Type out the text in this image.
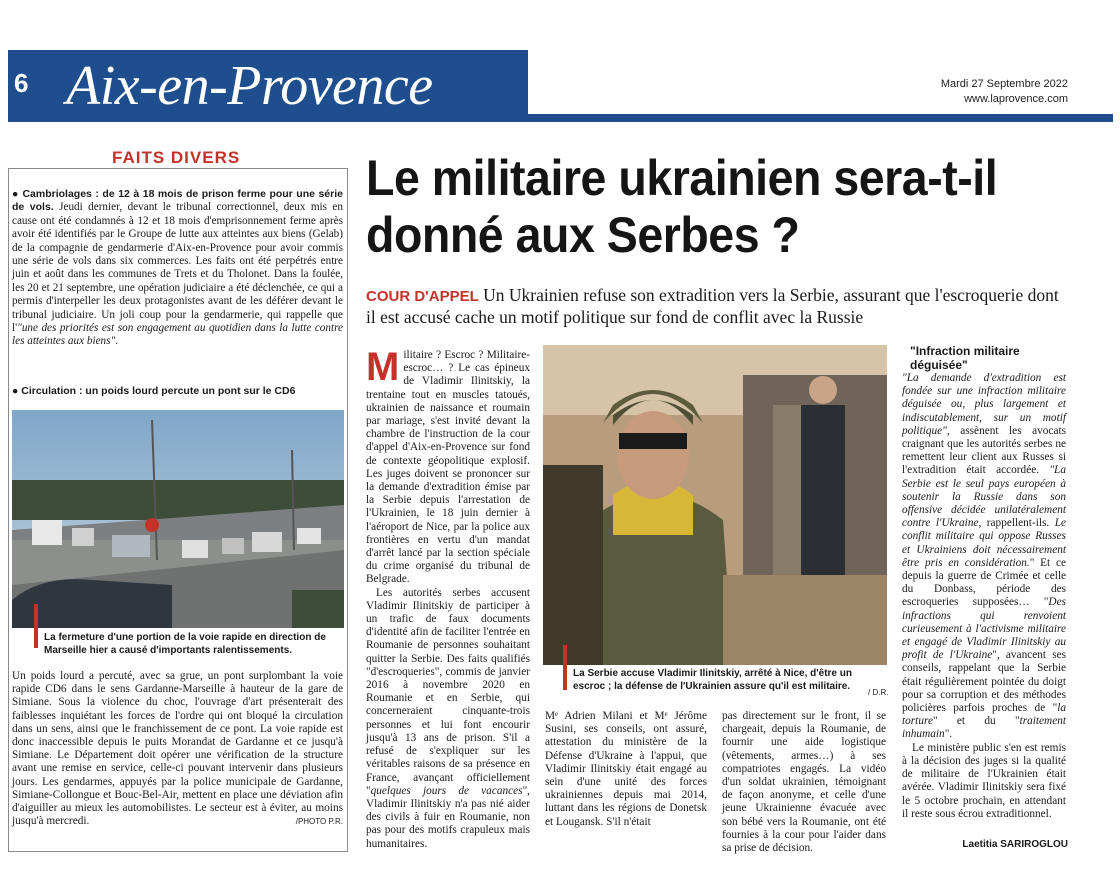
6 Aix-en-Provence	Mardi 27 Septembre 2022
www.laprovence.com
FAITS DIVERS
● Cambriolages : de 12 à 18 mois de prison ferme pour une série de vols. Jeudi dernier, devant le tribunal correctionnel, deux mis en cause ont été condamnés à 12 et 18 mois d'emprisonnement ferme après avoir été identifiés par le Groupe de lutte aux atteintes aux biens (Gelab) de la compagnie de gendarmerie d'Aix-en-Provence pour avoir commis une série de vols dans six commerces. Les faits ont été perpétrés entre juin et août dans les communes de Trets et du Tholonet. Dans la foulée, les 20 et 21 septembre, une opération judiciaire a été déclenchée, ce qui a permis d'interpeller les deux protagonistes avant de les déférer devant le tribunal judiciaire. Un joli coup pour la gendarmerie, qui rappelle que l'"une des priorités est son engagement au quotidien dans la lutte contre les atteintes aux biens".
● Circulation : un poids lourd percute un pont sur le CD6
La fermeture d'une portion de la voie rapide en direction de Marseille hier a causé d'importants ralentissements.
Un poids lourd a percuté, avec sa grue, un pont surplombant la voie rapide CD6 dans le sens Gardanne-Marseille à hauteur de la gare de Simiane. Sous la violence du choc, l'ouvrage d'art présenterait des faiblesses inquiétant les forces de l'ordre qui ont bloqué la circulation dans un sens, ainsi que le franchissement de ce pont. La voie rapide est donc inaccessible depuis le puits Morandat de Gardanne et ce jusqu'à Simiane. Le Département doit opérer une vérification de la structure avant une remise en service, celle-ci pouvant intervenir dans plusieurs jours. Les gendarmes, appuyés par la police municipale de Gardanne, Simiane-Collongue et Bouc-Bel-Air, mettent en place une déviation afin d'aiguiller au mieux les automobilistes. Le secteur est à éviter, au moins jusqu'à mercredi.	/PHOTO P.R.
Le militaire ukrainien sera-t-il donné aux Serbes ?
COUR D'APPEL Un Ukrainien refuse son extradition vers la Serbie, assurant que l'escroquerie dont il est accusé cache un motif politique sur fond de conflit avec la Russie
Militaire ? Escroc ? Militaire-escroc… ? Le cas épineux de Vladimir Ilinitskiy, la trentaine tout en muscles tatoués, ukrainien de naissance et roumain par mariage, s'est invité devant la chambre de l'instruction de la cour d'appel d'Aix-en-Provence sur fond de contexte géopolitique explosif. Les juges doivent se prononcer sur la demande d'extradition émise par la Serbie depuis l'arrestation de l'Ukrainien, le 18 juin dernier à l'aéroport de Nice, par la police aux frontières en vertu d'un mandat d'arrêt lancé par la section spéciale du crime organisé du tribunal de Belgrade.
Les autorités serbes accusent Vladimir Ilinitskiy de participer à un trafic de faux documents d'identité afin de faciliter l'entrée en Roumanie de personnes souhaitant quitter la Serbie. Des faits qualifiés "d'escroqueries", commis de janvier 2016 à novembre 2020 en Roumanie et en Serbie, qui concerneraient cinquante-trois personnes et lui font encourir jusqu'à 13 ans de prison. S'il a refusé de s'expliquer sur les véritables raisons de sa présence en France, avançant officiellement "quelques jours de vacances", Vladimir Ilinitskiy n'a pas nié aider des civils à fuir en Roumanie, non pas pour des motifs crapuleux mais humanitaires.
La Serbie accuse Vladimir Ilinitskiy, arrêté à Nice, d'être un escroc ; la défense de l'Ukrainien assure qu'il est militaire.
/ D.R.
Mᵉ Adrien Milani et Mᵉ Jérôme Susini, ses conseils, ont assuré, attestation du ministère de la Défense d'Ukraine à l'appui, que Vladimir Ilinitskiy était engagé au sein d'une unité des forces ukrainiennes depuis mai 2014, luttant dans les régions de Donetsk et Lougansk. S'il n'était
pas directement sur le front, il se chargeait, depuis la Roumanie, de fournir une aide logistique (vêtements, armes…) à ses compatriotes engagés. La vidéo d'un soldat ukrainien, témoignant de façon anonyme, et celle d'une jeune Ukrainienne évacuée avec son bébé vers la Roumanie, ont été fournies à la cour pour l'aider dans sa prise de décision.
"Infraction militaire déguisée"
"La demande d'extradition est fondée sur une infraction militaire déguisée ou, plus largement et indiscutablement, sur un motif politique", assènent les avocats craignant que les autorités serbes ne remettent leur client aux Russes si l'extradition était accordée. "La Serbie est le seul pays européen à soutenir la Russie dans son offensive décidée unilatéralement contre l'Ukraine, rappellent-ils. Le conflit militaire qui oppose Russes et Ukrainiens doit nécessairement être pris en considération." Et ce depuis la guerre de Crimée et celle du Donbass, période des escroqueries supposées… "Des infractions qui renvoient curieusement à l'activisme militaire et engagé de Vladimir Ilinitskiy au profit de l'Ukraine", avancent ses conseils, rappelant que la Serbie était régulièrement pointée du doigt pour sa corruption et des méthodes policières parfois proches de "la torture" et du "traitement inhumain".
Le ministère public s'en est remis à la décision des juges si la qualité de militaire de l'Ukrainien était avérée. Vladimir Ilinitskiy sera fixé le 5 octobre prochain, en attendant il reste sous écrou extraditionnel.
Laetitia SARIROGLOU
